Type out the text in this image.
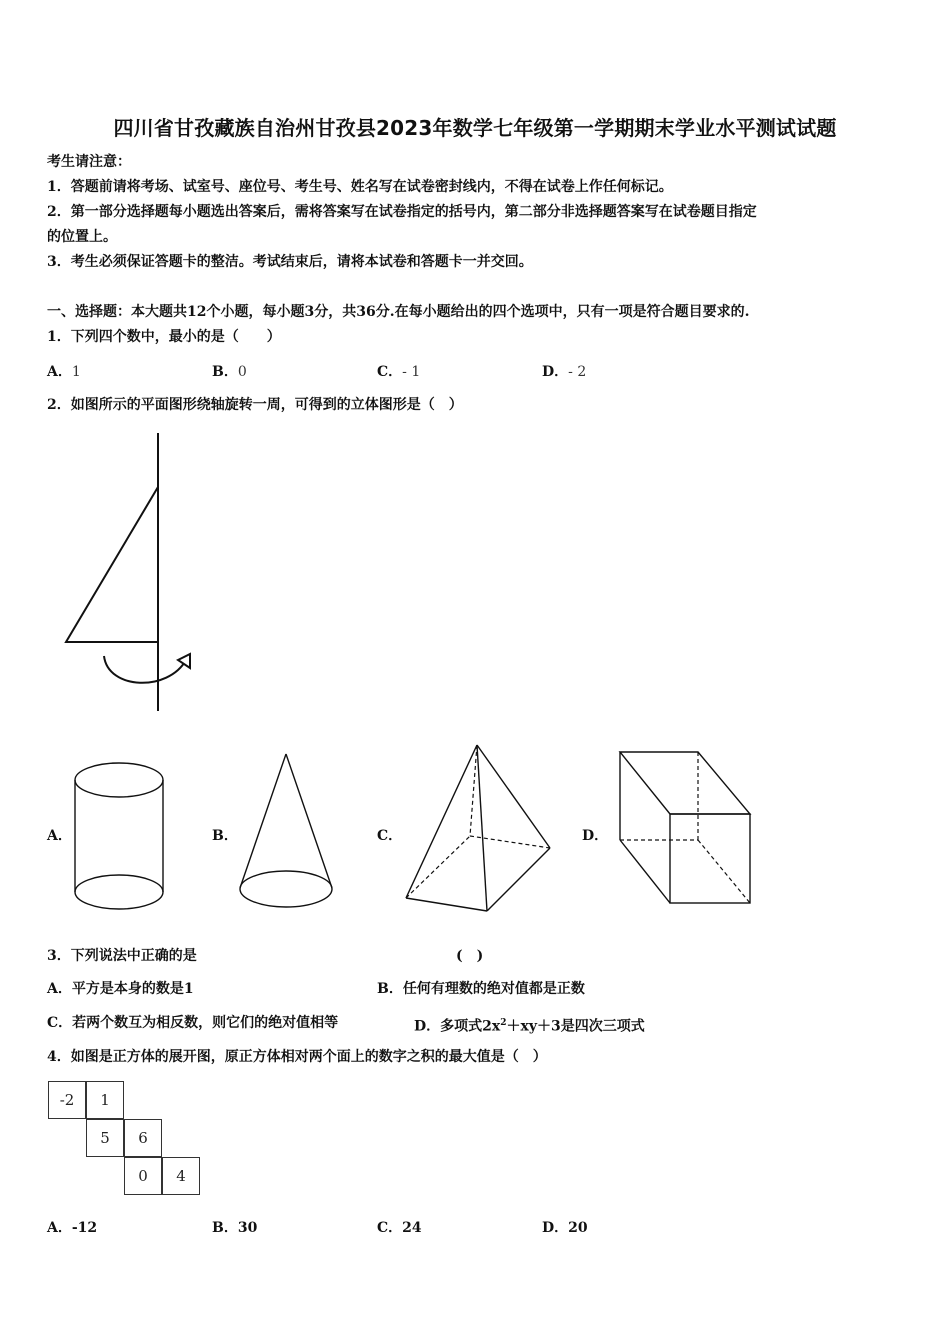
四川省甘孜藏族自治州甘孜县2023年数学七年级第一学期期末学业水平测试试题
考生请注意：
1．答题前请将考场、试室号、座位号、考生号、姓名写在试卷密封线内，不得在试卷上作任何标记。
2．第一部分选择题每小题选出答案后，需将答案写在试卷指定的括号内，第二部分非选择题答案写在试卷题目指定
的位置上。
3．考生必须保证答题卡的整洁。考试结束后，请将本试卷和答题卡一并交回。
一、选择题：本大题共12个小题，每小题3分，共36分.在每小题给出的四个选项中，只有一项是符合题目要求的.
1．下列四个数中，最小的是（　　）
A．1	B．0	C．- 1	D．- 2
2．如图所示的平面图形绕轴旋转一周，可得到的立体图形是（　）
A．	B．	C．	D．
3．下列说法中正确的是	(　)
A．平方是本身的数是1	B．任何有理数的绝对值都是正数
C．若两个数互为相反数，则它们的绝对值相等	D．多项式$2x^2+xy+3$是四次三项式
4．如图是正方体的展开图，原正方体相对两个面上的数字之积的最大值是（　）
-2	1
5	6
0	4
A．-12	B．30	C．24	D．20
